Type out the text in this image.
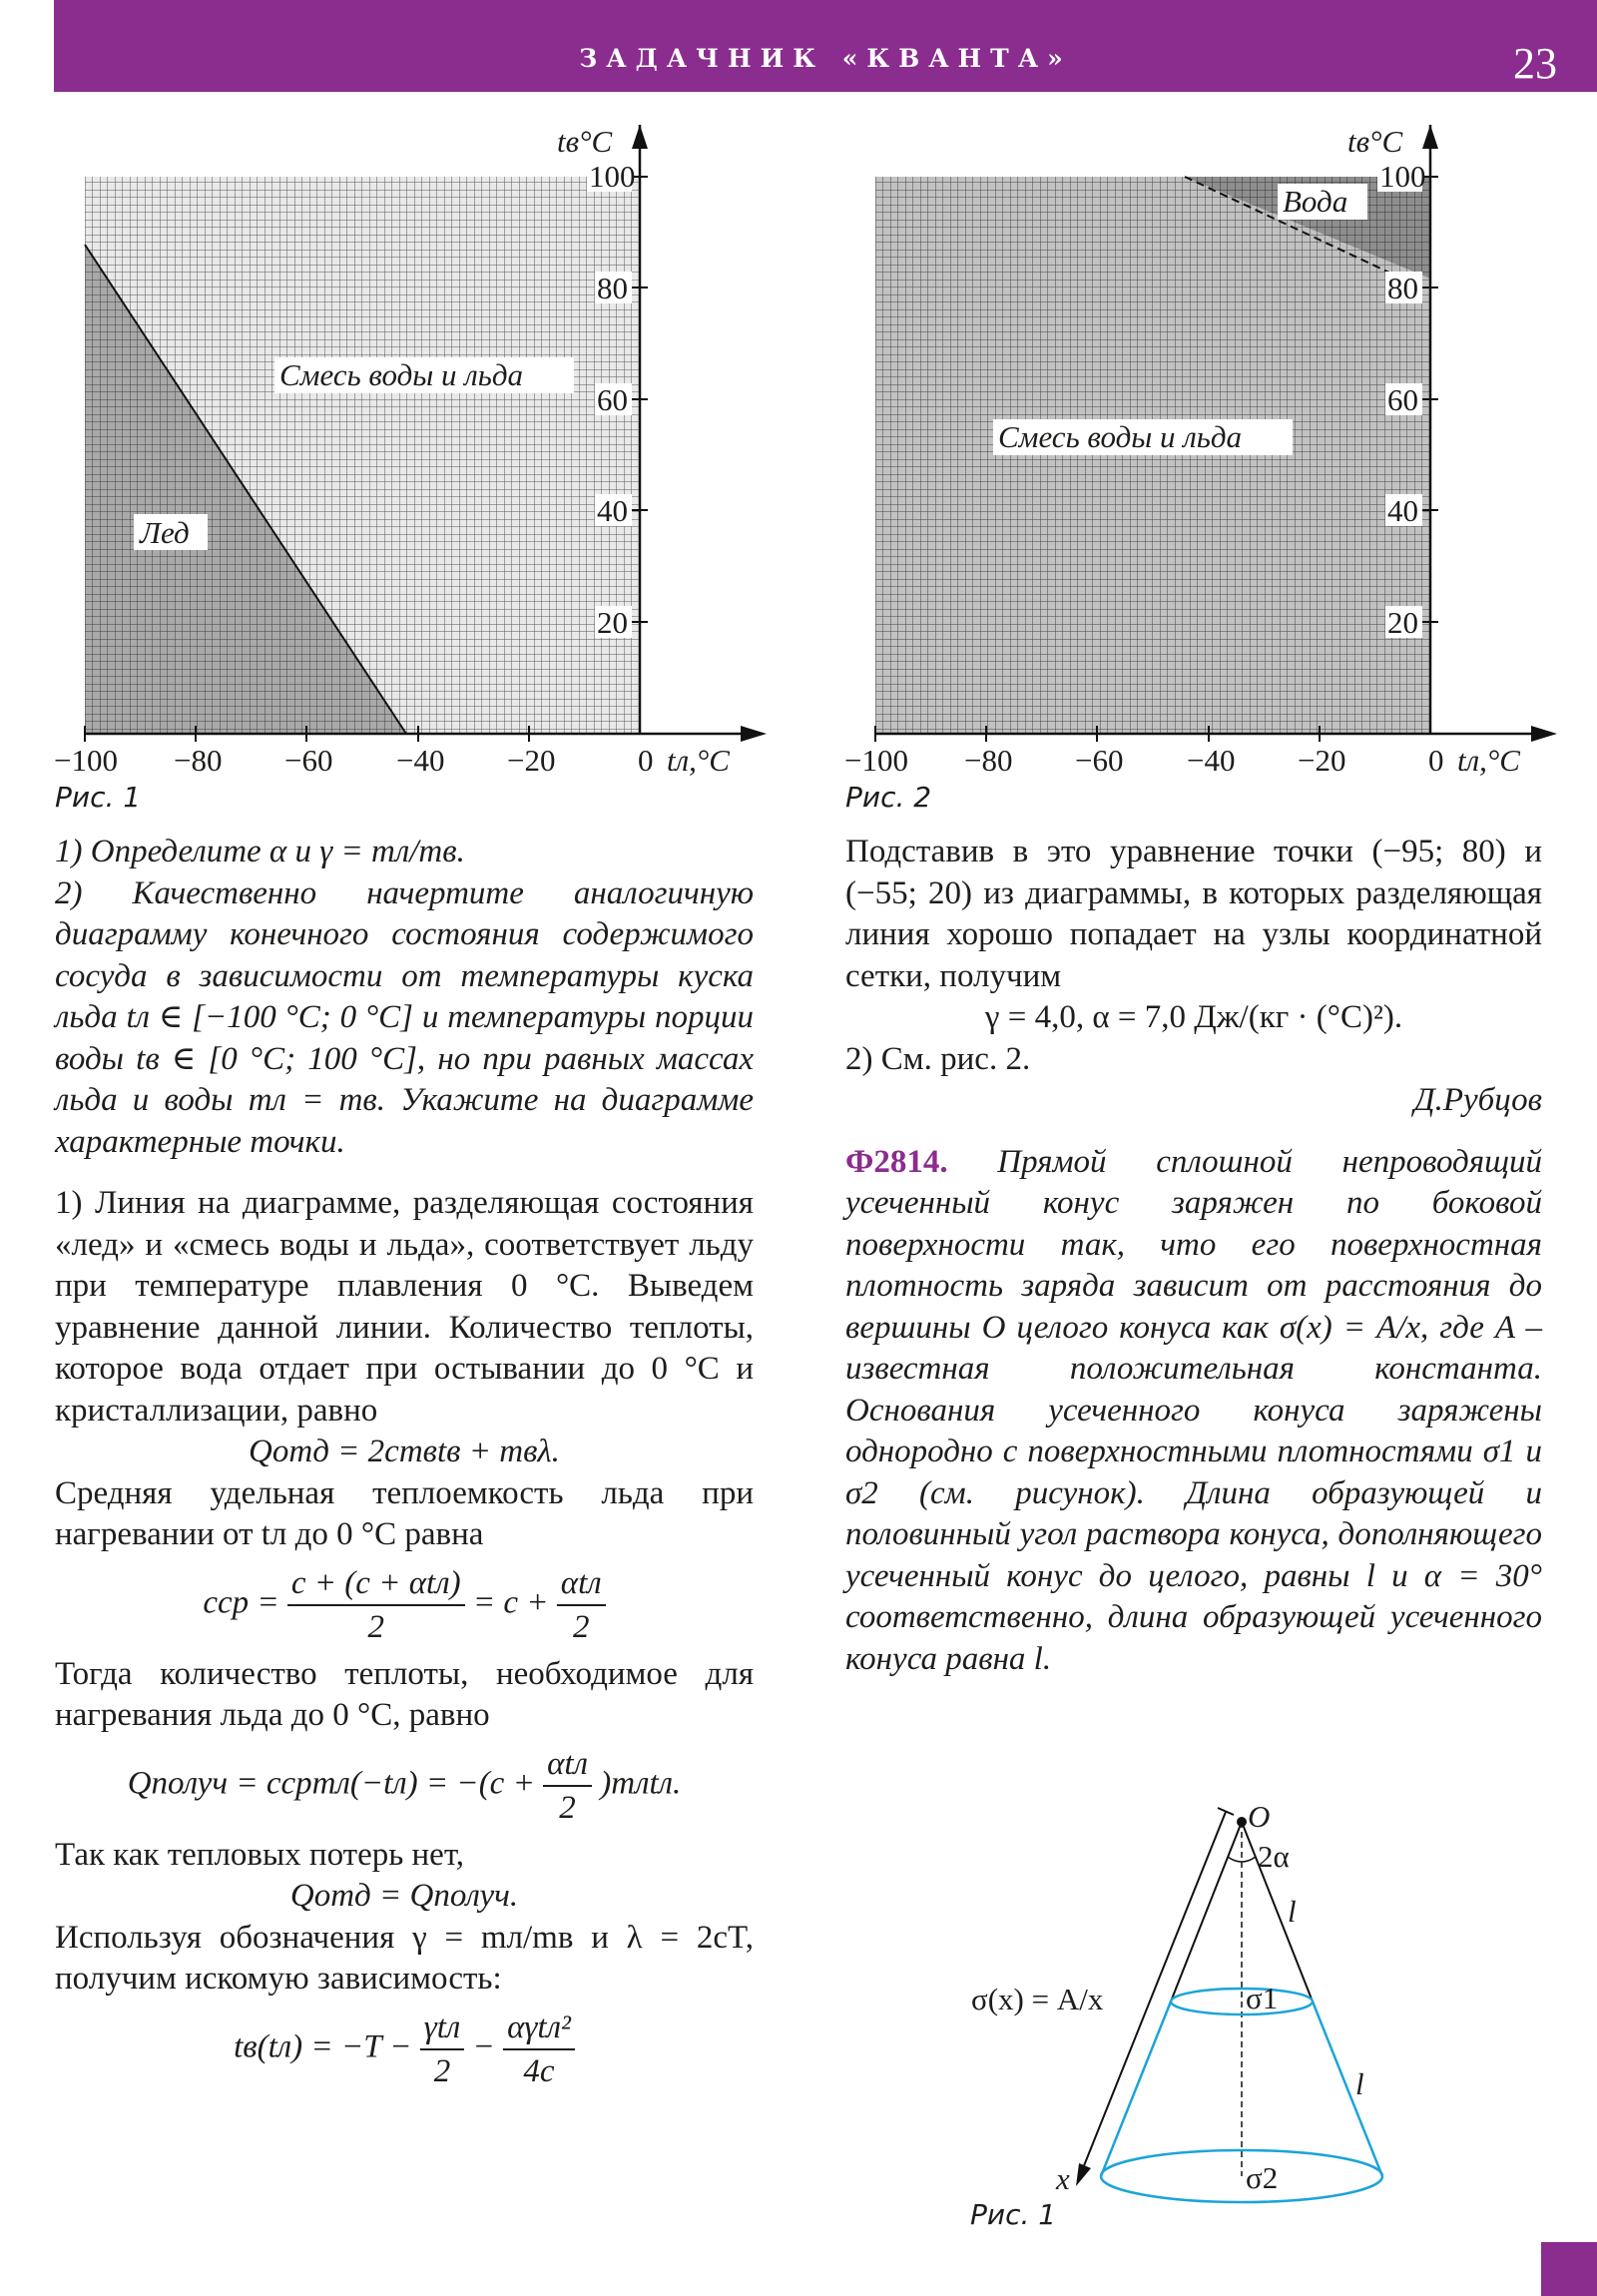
ЗАДАЧНИК «КВАНТА»	23
100
80
60
40
20
−100 −80 −60 −40 −20	0 tл,°C
tв°C
Лед
Смесь воды и льда
Рис. 1
100
80
60
40
20
−100 −80 −60 −40 −20	0 tл,°C
tв°C
Вода
Смесь воды и льда
Рис. 2

1) Определите α и γ = mл/mв.

2) Качественно начертите аналогичную диаграмму конечного состояния содержимого сосуда в зависимости от температуры куска льда tл ∈ [−100 °C; 0 °C] и температуры порции воды tв ∈ [0 °C; 100 °C], но при равных массах льда и воды mл = mв. Укажите на диаграмме характерные точки.

1) Линия на диаграмме, разделяющая состояния «лед» и «смесь воды и льда», соответствует льду при температуре плавления 0 °C. Выведем уравнение данной линии. Количество теплоты, которое вода отдает при остывании до 0 °C и кристаллизации, равно

Qотд = 2cmвtв + mвλ.

Средняя удельная теплоемкость льда при нагревании от tл до 0 °C равна

cср = $\frac{\text{c + (c + αtл)}}{2} = c + \frac{\text{αtл}}{2}$

Тогда количество теплоты, необходимое для нагревания льда до 0 °C, равно

Qполуч = cсрmл(−tл) = $-(c + \frac{\text{αtл}}{2}$ )mлtл.

Так как тепловых потерь нет,

Qотд = Qполуч.

Используя обозначения γ = mл/mв и λ = 2cT, получим искомую зависимость:

$tв(tл) = -T - \frac{\text{γtл}}{2} - \frac{\text{αγtл²}}{4c}$

Подставив в это уравнение точки (−95; 80) и (−55; 20) из диаграммы, в которых разделяющая линия хорошо попадает на узлы координатной сетки, получим

γ = 4,0, α = 7,0 Дж/(кг · (°C)²).

2) См. рис. 2.

Д.Рубцов

Ф2814. Прямой сплошной непроводящий усеченный конус заряжен по боковой поверхности так, что его поверхностная плотность заряда зависит от расстояния до вершины O целого конуса как σ(x) = A/x, где A – известная положительная константа. Основания усеченного конуса заряжены однородно с поверхностными плотностями σ1 и σ2 (см. рисунок). Длина образующей и половинный угол раствора конуса, дополняющего усеченный конус до целого, равны l и α = 30° соответственно, длина образующей усеченного конуса равна l.

O
2α
l
l
σ(x) = A/x	σ1
σ2
x
Рис. 1
